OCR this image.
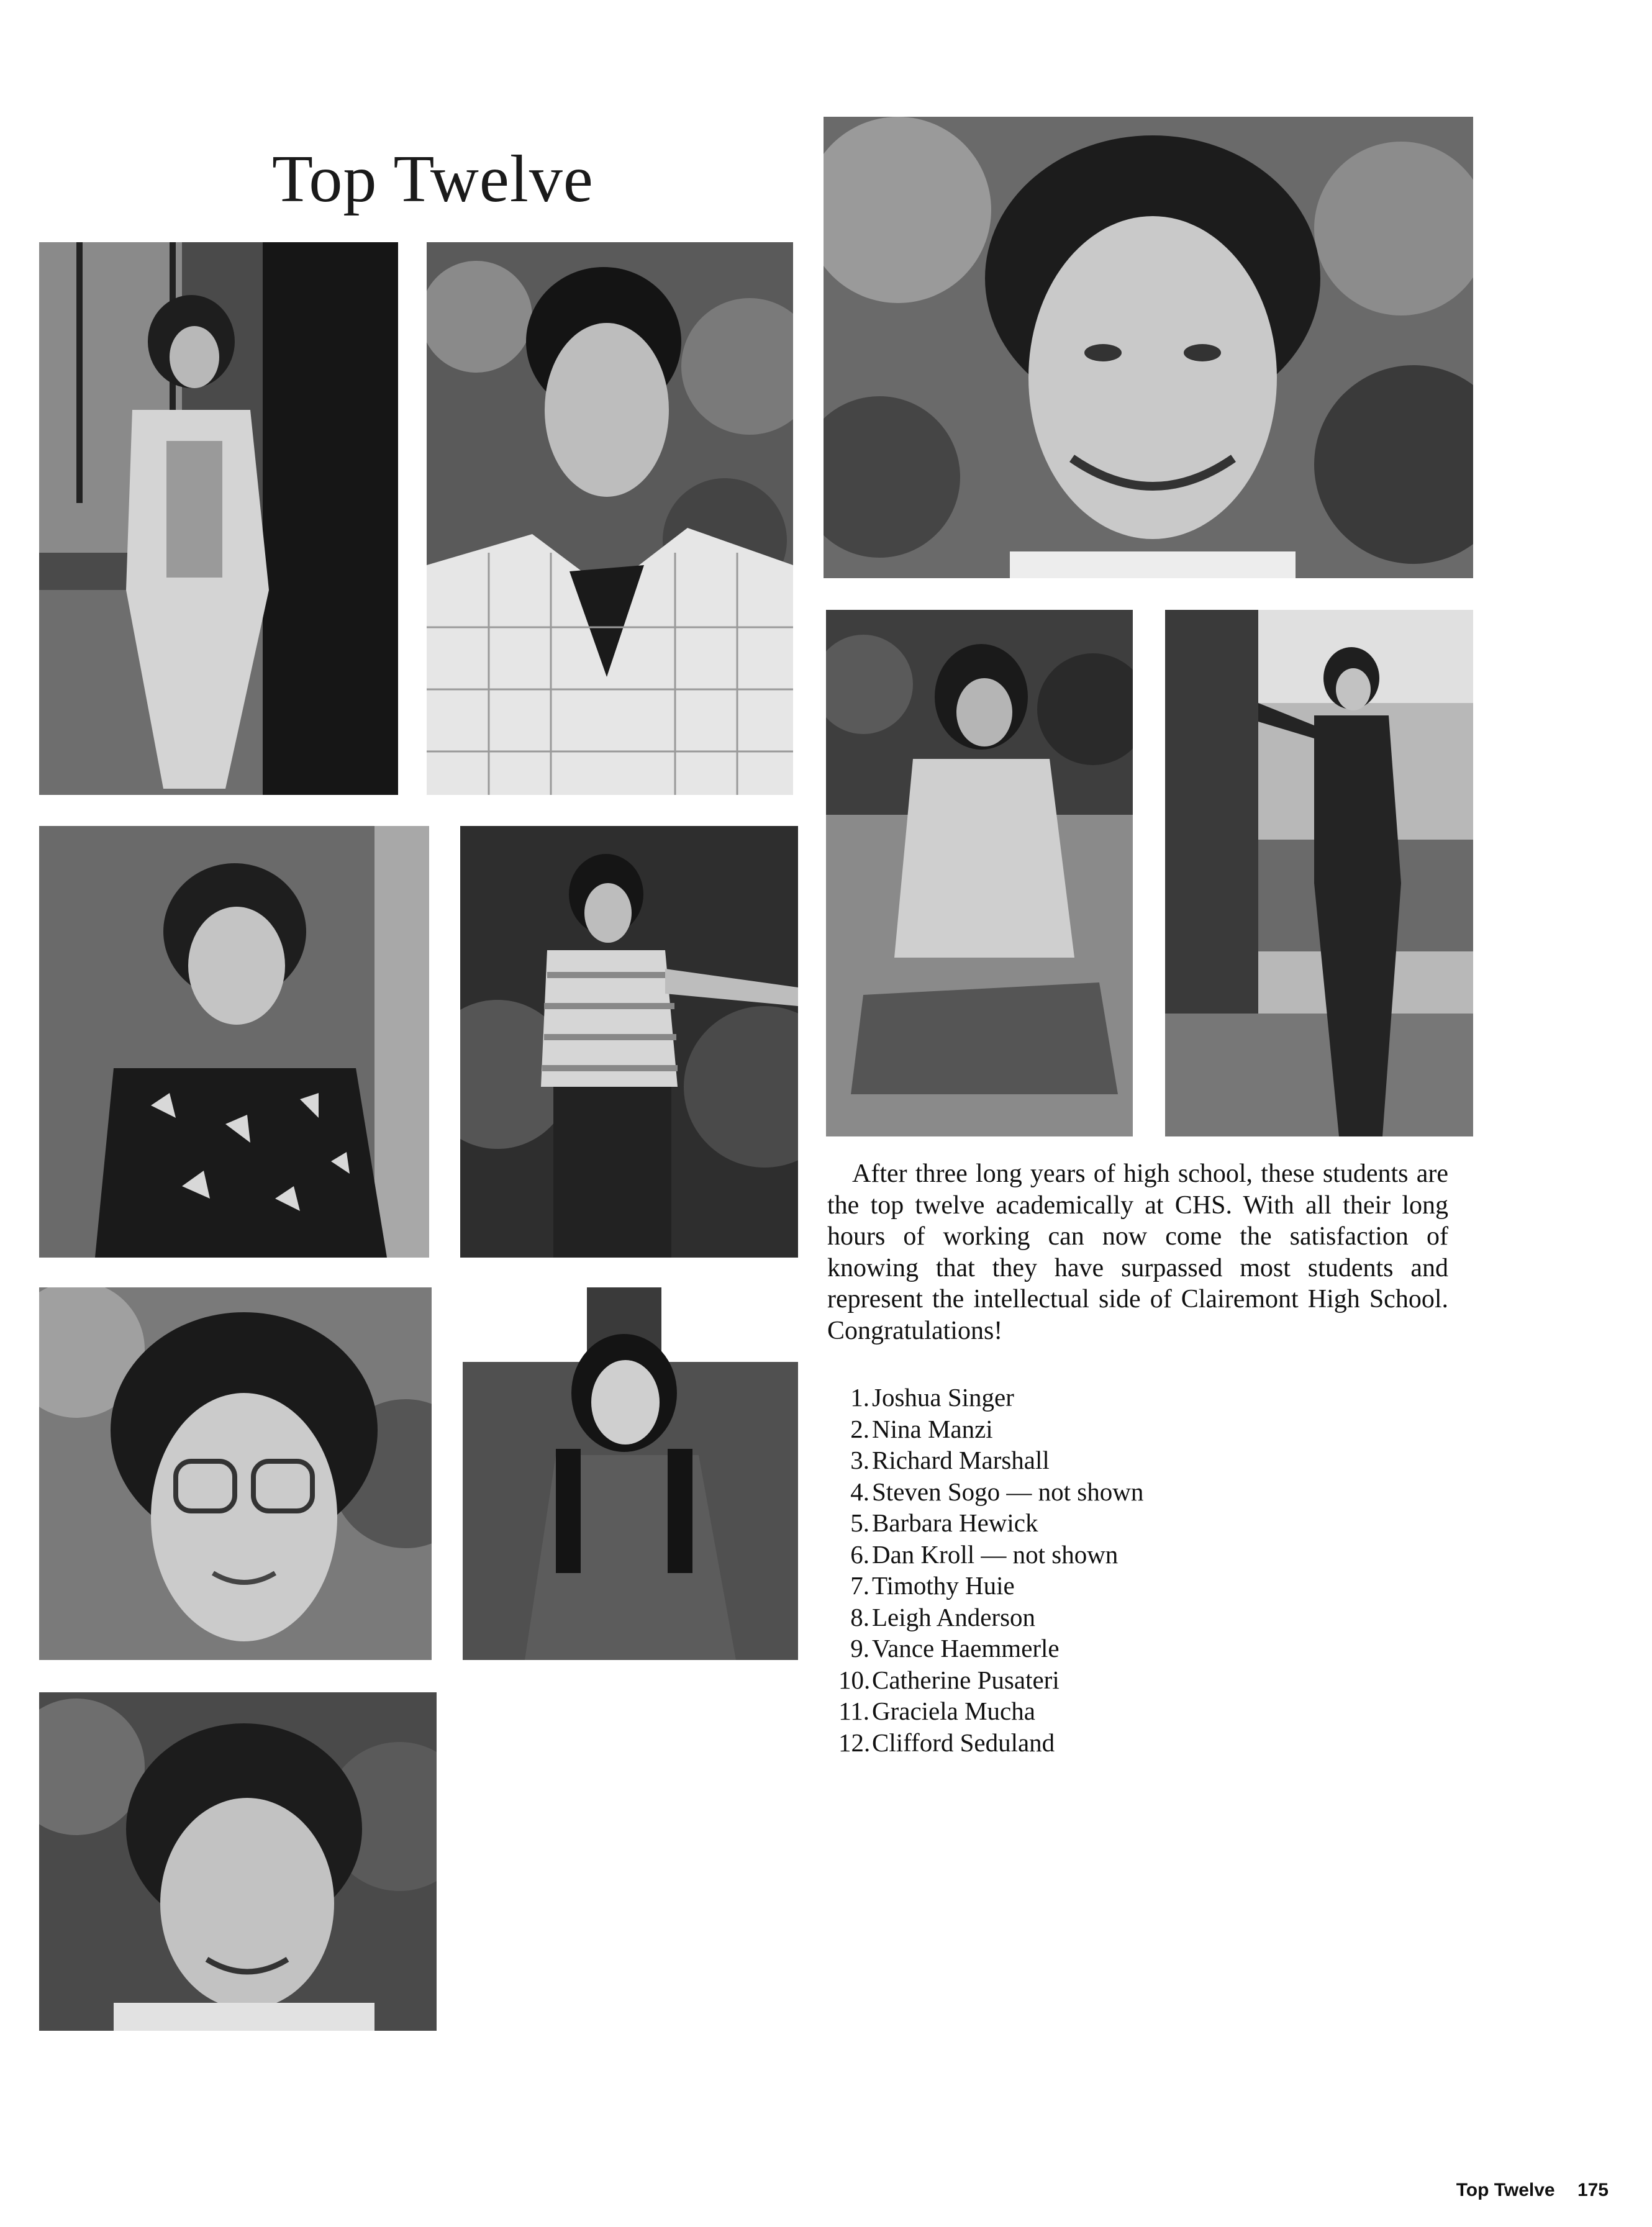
Top Twelve
After three long years of high school, these students are the top twelve academically at CHS. With all their long hours of working can now come the satisfaction of knowing that they have surpassed most students and represent the intellectual side of Clairemont High School. Congratulations!
1. Joshua Singer
2. Nina Manzi
3. Richard Marshall
4. Steven Sogo — not shown
5. Barbara Hewick
6. Dan Kroll — not shown
7. Timothy Huie
8. Leigh Anderson
9. Vance Haemmerle
10. Catherine Pusateri
11. Graciela Mucha
12. Clifford Seduland
Top Twelve 175
